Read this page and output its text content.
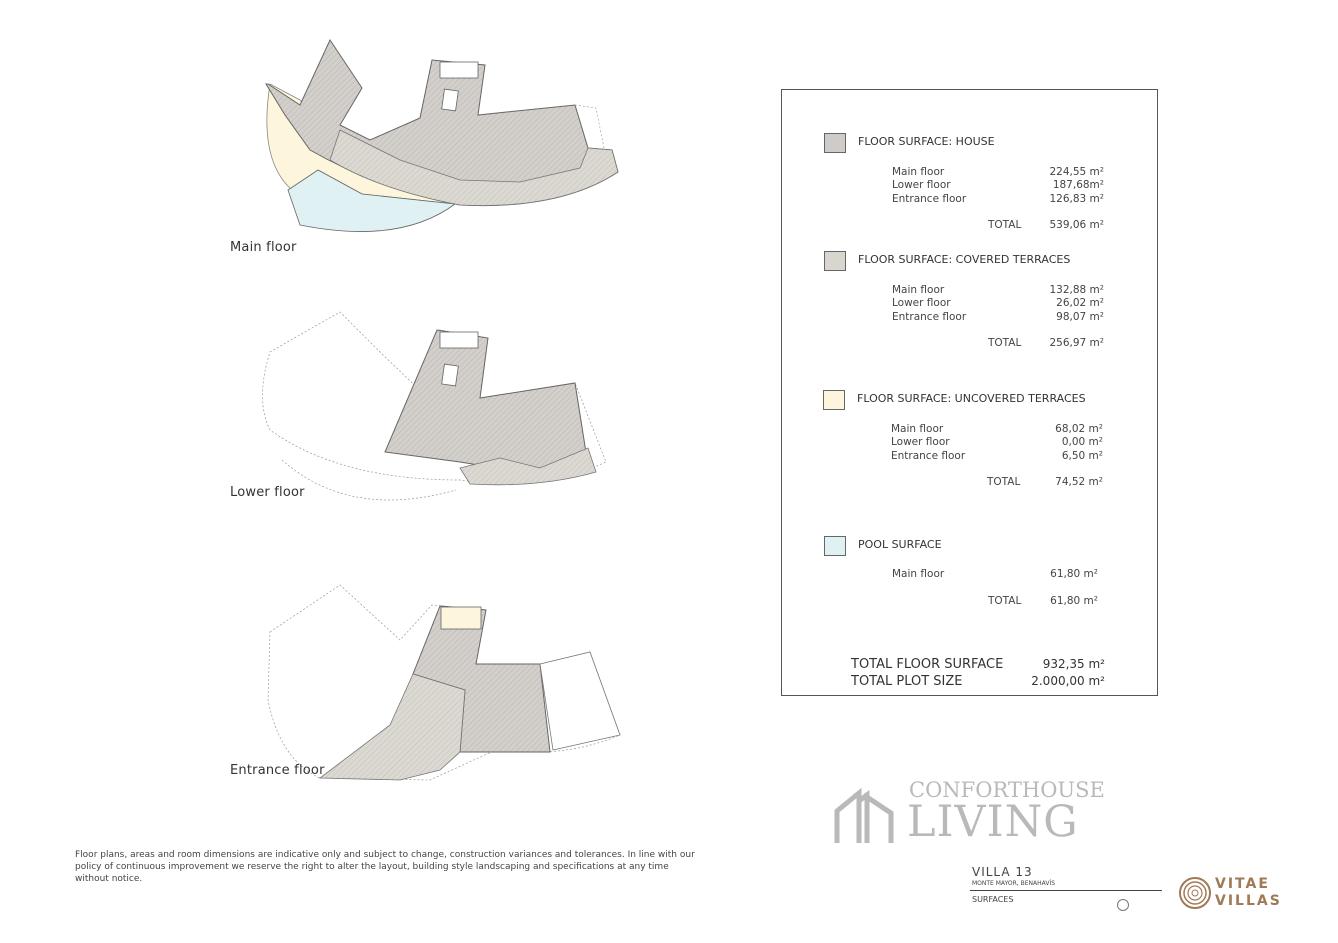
Main floor
Lower floor
Entrance floor
FLOOR SURFACE: HOUSE
Main floor	224,55 m²
Lower floor	187,68m²
Entrance floor	126,83 m²
TOTAL	539,06 m²
FLOOR SURFACE: COVERED TERRACES
Main floor	132,88 m²
Lower floor	26,02 m²
Entrance floor	98,07 m²
TOTAL	256,97 m²
FLOOR SURFACE: UNCOVERED TERRACES
Main floor	68,02 m²
Lower floor	0,00 m²
Entrance floor	6,50 m²
TOTAL	74,52 m²
POOL SURFACE
Main floor	61,80 m²
TOTAL	61,80 m²
TOTAL FLOOR SURFACE	932,35 m²
TOTAL PLOT SIZE	2.000,00 m²
Floor plans, areas and room dimensions are indicative only and subject to change, construction variances and tolerances. In line with our policy of continuous improvement we reserve the right to alter the layout, building style landscaping and specifications at any time without notice.
CONFORTHOUSE
LIVING
VILLA 13
MONTE MAYOR, BENAHAVÍS
SURFACES
VITAE
VILLAS
